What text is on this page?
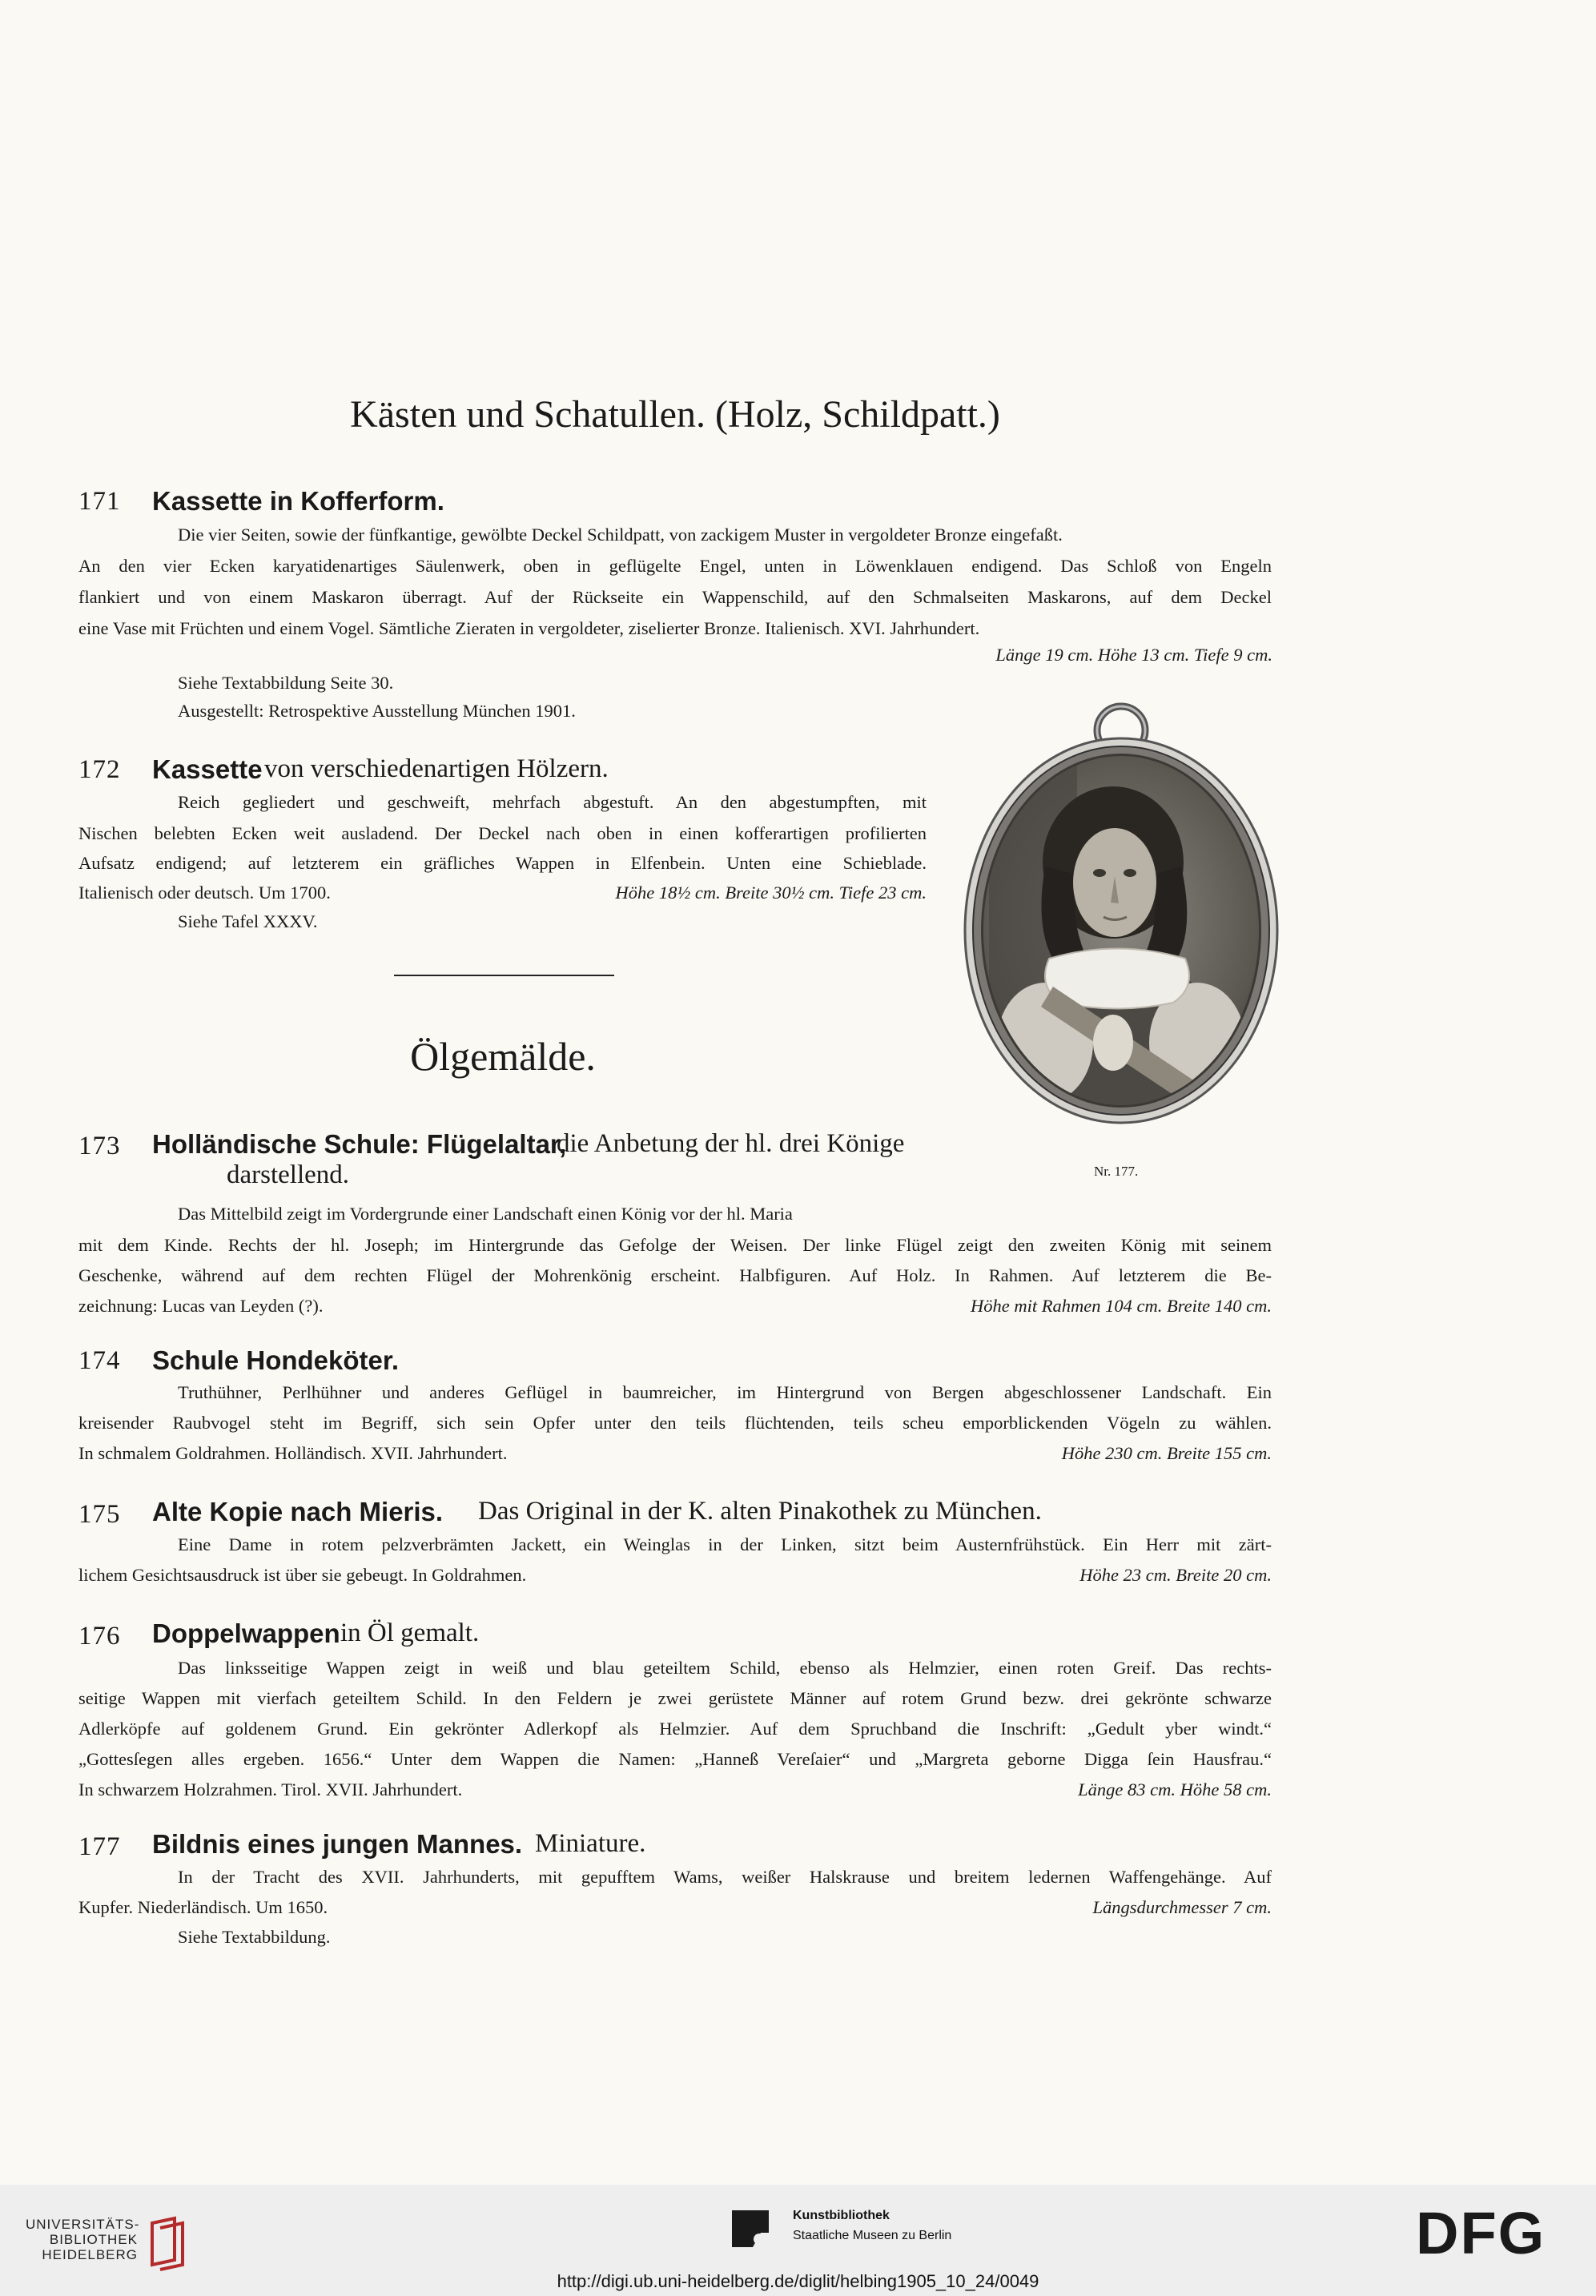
Kästen und Schatullen. (Holz, Schildpatt.)
171 Kassette in Kofferform.
Die vier Seiten, sowie der fünfkantige, gewölbte Deckel Schildpatt, von zackigem Muster in vergoldeter Bronze eingefaßt.
An den vier Ecken karyatidenartiges Säulenwerk, oben in geflügelte Engel, unten in Löwenklauen endigend. Das Schloß von Engeln
flankiert und von einem Maskaron überragt. Auf der Rückseite ein Wappenschild, auf den Schmalseiten Maskarons, auf dem Deckel
eine Vase mit Früchten und einem Vogel. Sämtliche Zieraten in vergoldeter, ziselierter Bronze. Italienisch. XVI. Jahrhundert.
Länge 19 cm. Höhe 13 cm. Tiefe 9 cm.
Siehe Textabbildung Seite 30.
Ausgestellt: Retrospektive Ausstellung München 1901.
172 Kassette von verschiedenartigen Hölzern.
Reich gegliedert und geschweift, mehrfach abgestuft. An den abgestumpften, mit
Nischen belebten Ecken weit ausladend. Der Deckel nach oben in einen kofferartigen profilierten
Aufsatz endigend; auf letzterem ein gräfliches Wappen in Elfenbein. Unten eine Schieblade.
Italienisch oder deutsch. Um 1700.	Höhe 18½ cm. Breite 30½ cm. Tiefe 23 cm.
Siehe Tafel XXXV.
Ölgemälde.
173 Holländische Schule: Flügelaltar,
die Anbetung der hl. drei Könige
darstellend.
Das Mittelbild zeigt im Vordergrunde einer Landschaft einen König vor der hl. Maria
mit dem Kinde. Rechts der hl. Joseph; im Hintergrunde das Gefolge der Weisen. Der linke Flügel zeigt den zweiten König mit seinem
Geschenke, während auf dem rechten Flügel der Mohrenkönig erscheint. Halbfiguren. Auf Holz. In Rahmen. Auf letzterem die Be-
zeichnung: Lucas van Leyden (?).	Höhe mit Rahmen 104 cm. Breite 140 cm.
174 Schule Hondeköter.
Truthühner, Perlhühner und anderes Geflügel in baumreicher, im Hintergrund von Bergen abgeschlossener Landschaft. Ein
kreisender Raubvogel steht im Begriff, sich sein Opfer unter den teils flüchtenden, teils scheu emporblickenden Vögeln zu wählen.
In schmalem Goldrahmen. Holländisch. XVII. Jahrhundert.	Höhe 230 cm. Breite 155 cm.
175 Alte Kopie nach Mieris. Das Original in der K. alten Pinakothek zu München.
Eine Dame in rotem pelzverbrämten Jackett, ein Weinglas in der Linken, sitzt beim Austernfrühstück. Ein Herr mit zärt-
lichem Gesichtsausdruck ist über sie gebeugt. In Goldrahmen.	Höhe 23 cm. Breite 20 cm.
176 Doppelwappen in Öl gemalt.
Das linksseitige Wappen zeigt in weiß und blau geteiltem Schild, ebenso als Helmzier, einen roten Greif. Das rechts-
seitige Wappen mit vierfach geteiltem Schild. In den Feldern je zwei gerüstete Männer auf rotem Grund bezw. drei gekrönte schwarze
Adlerköpfe auf goldenem Grund. Ein gekrönter Adlerkopf als Helmzier. Auf dem Spruchband die Inschrift: „Gedult yber windt.“
„Gottesſegen alles ergeben. 1656.“ Unter dem Wappen die Namen: „Hanneß Vereſaier“ und „Margreta geborne Digga ſein Hausfrau.“
In schwarzem Holzrahmen. Tirol. XVII. Jahrhundert.	Länge 83 cm. Höhe 58 cm.
177 Bildnis eines jungen Mannes. Miniature.
In der Tracht des XVII. Jahrhunderts, mit gepufftem Wams, weißer Halskrause und breitem ledernen Waffengehänge. Auf
Kupfer. Niederländisch. Um 1650.	Längsdurchmesser 7 cm.
Siehe Textabbildung.
Nr. 177.
UNIVERSITÄTS-
BIBLIOTHEK
HEIDELBERG
Kunstbibliothek
Staatliche Museen zu Berlin	DFG
http://digi.ub.uni-heidelberg.de/diglit/helbing1905_10_24/0049
